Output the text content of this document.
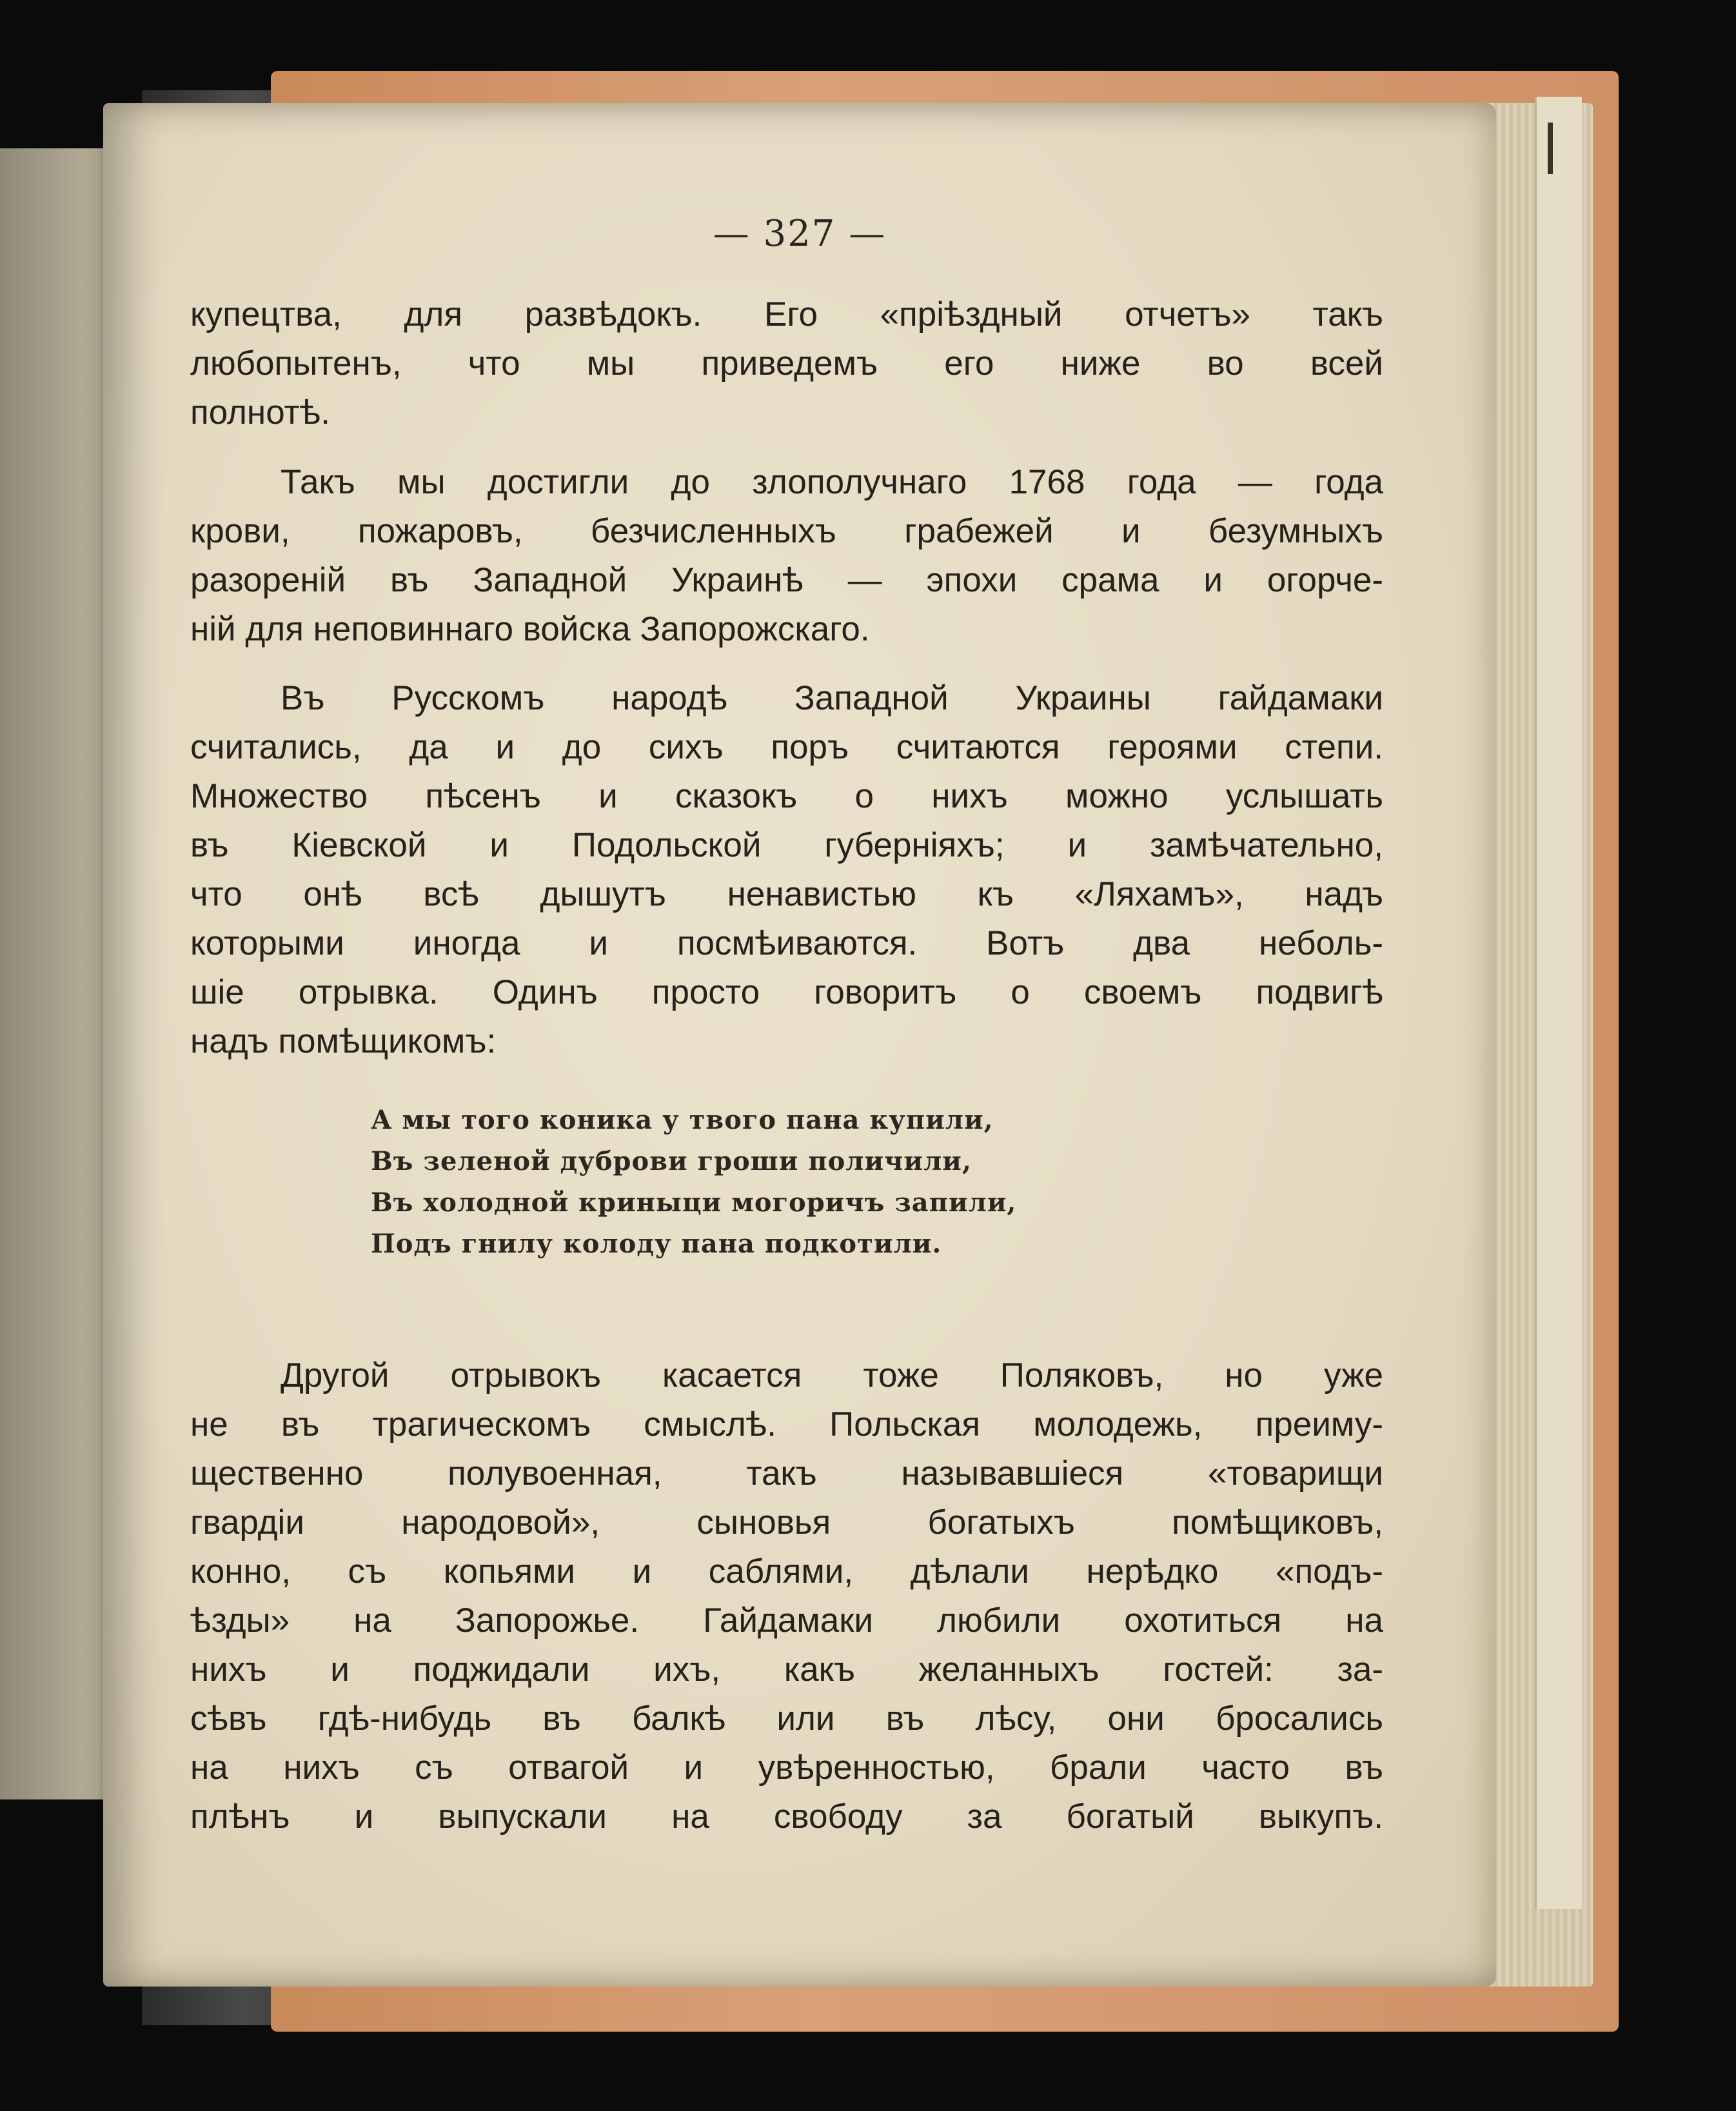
— 327 —
купецтва, для развѣдокъ. Его «пріѣздный отчетъ» такъ
любопытенъ, что мы приведемъ его ниже во всей
полнотѣ.
Такъ мы достигли до злополучнаго 1768 года — года
крови, пожаровъ, безчисленныхъ грабежей и безумныхъ
разореній въ Западной Украинѣ — эпохи срама и огорче-
ній для неповиннаго войска Запорожскаго.
Въ Русскомъ народѣ Западной Украины гайдамаки
считались, да и до сихъ поръ считаются героями степи.
Множество пѣсенъ и сказокъ о нихъ можно услышать
въ Кіевской и Подольской губерніяхъ; и замѣчательно,
что онѣ всѣ дышутъ ненавистью къ «Ляхамъ», надъ
которыми иногда и посмѣиваются. Вотъ два неболь-
шіе отрывка. Одинъ просто говоритъ о своемъ подвигѣ
надъ помѣщикомъ:
А мы того коника у твого пана купили,
Въ зеленой дуброви гроши поличили,
Въ холодной криныци могоричъ запили,
Подъ гнилу колоду пана подкотили.
Другой отрывокъ касается тоже Поляковъ, но уже
не въ трагическомъ смыслѣ. Польская молодежь, преиму-
щественно полувоенная, такъ называвшіеся «товарищи
гвардіи народовой», сыновья богатыхъ помѣщиковъ,
конно, съ копьями и саблями, дѣлали нерѣдко «подъ-
ѣзды» на Запорожье. Гайдамаки любили охотиться на
нихъ и поджидали ихъ, какъ желанныхъ гостей: за-
сѣвъ гдѣ-нибудь въ балкѣ или въ лѣсу, они бросались
на нихъ съ отвагой и увѣренностью, брали часто въ
плѣнъ и выпускали на свободу за богатый выкупъ.
